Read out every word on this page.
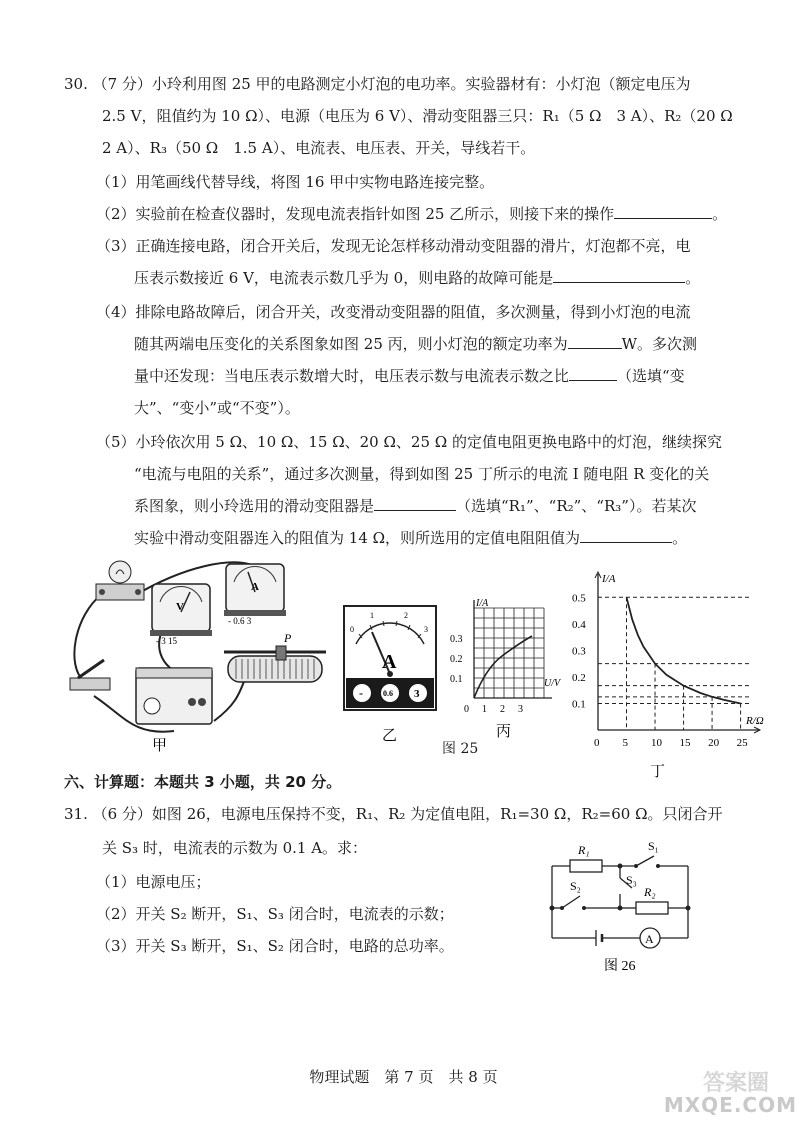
30. （7 分）小玲利用图 25 甲的电路测定小灯泡的电功率。实验器材有：小灯泡（额定电压为
2.5 V，阻值约为 10 Ω）、电源（电压为 6 V）、滑动变阻器三只：R₁（5 Ω　3 A）、R₂（20 Ω
2 A）、R₃（50 Ω　1.5 A）、电流表、电压表、开关，导线若干。
（1）用笔画线代替导线，将图 16 甲中实物电路连接完整。
（2）实验前在检查仪器时，发现电流表指针如图 25 乙所示，则接下来的操作	。
（3）正确连接电路，闭合开关后，发现无论怎样移动滑动变阻器的滑片，灯泡都不亮，电
压表示数接近 6 V，电流表示数几乎为 0，则电路的故障可能是	。
（4）排除电路故障后，闭合开关，改变滑动变阻器的阻值，多次测量，得到小灯泡的电流
随其两端电压变化的关系图象如图 25 丙，则小灯泡的额定功率为	W。多次测
量中还发现：当电压表示数增大时，电压表示数与电流表示数之比	（选填“变
大”、“变小”或“不变”）。
（5）小玲依次用 5 Ω、10 Ω、15 Ω、20 Ω、25 Ω 的定值电阻更换电路中的灯泡，继续探究
“电流与电阻的关系”，通过多次测量，得到如图 25 丁所示的电流 I 随电阻 R 变化的关
系图象，则小玲选用的滑动变阻器是	（选填“R₁”、“R₂”、“R₃”）。若某次
实验中滑动变阻器连入的阻值为 14 Ω，则所选用的定值电阻阻值为	。
V
- 3 15
A
- 0.6 3
P
甲
0
1	2
3
A
-	0.6 3
乙
I/A
U/V
0.3
0.2
0.1
0 1 2 3
丙
图 25	0 5 10 15 20 25
0.1
0.2
0.3
0.4
0.5
I/A
R/Ω
丁
六、计算题：本题共 3 小题，共 20 分。
31. （6 分）如图 26，电源电压保持不变，R₁、R₂ 为定值电阻，R₁=30 Ω，R₂=60 Ω。只闭合开
关 S₃ 时，电流表的示数为 0.1 A。求：
（1）电源电压；
（2）开关 S₂ 断开，S₁、S₃ 闭合时，电流表的示数；
（3）开关 S₃ 断开，S₁、S₂ 闭合时，电路的总功率。
R₁	S₁
S₃
S₂	R₂
A
图 26
物理试题　第 7 页　共 8 页	答案圈
MXQE.COM
